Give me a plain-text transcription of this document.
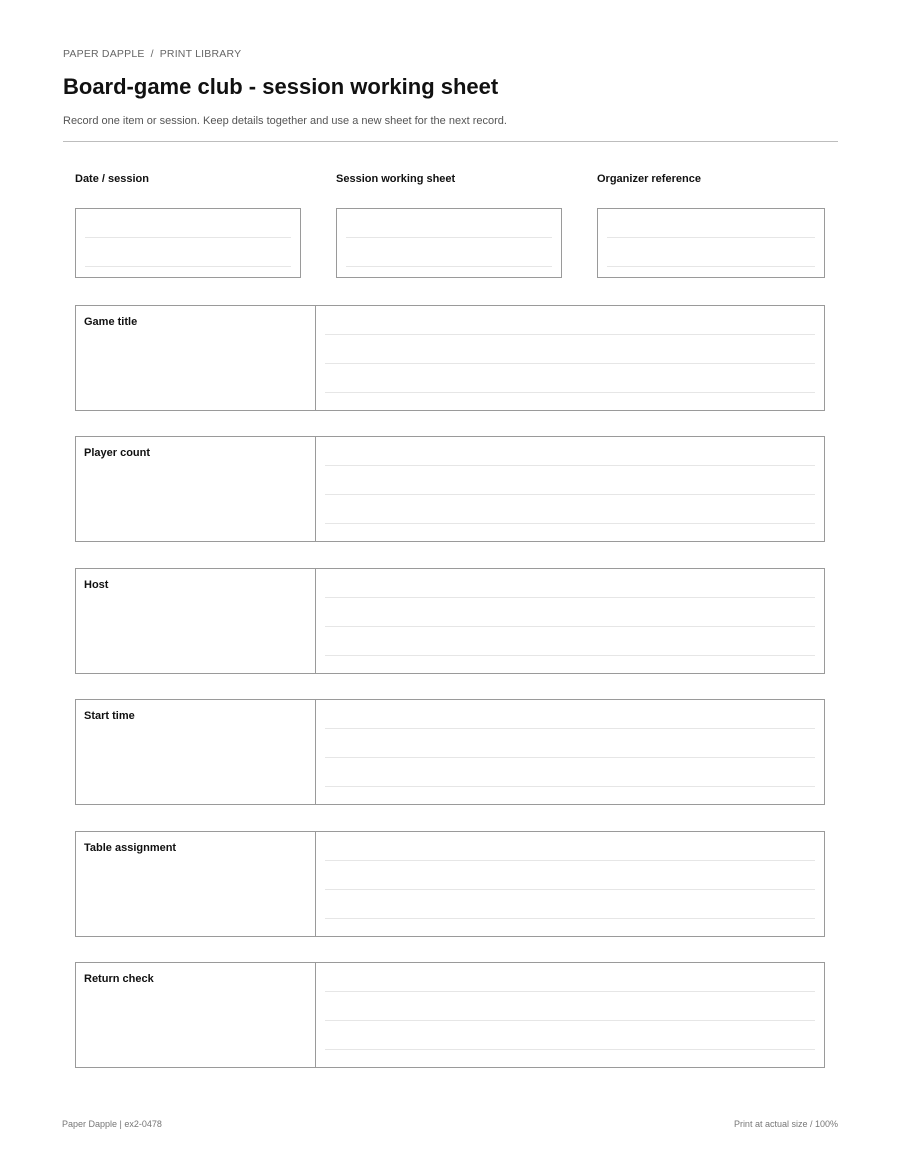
PAPER DAPPLE / PRINT LIBRARY
Board-game club - session working sheet
Record one item or session. Keep details together and use a new sheet for the next record.
Date / session	Session working sheet	Organizer reference
Game title
Player count
Host
Start time
Table assignment
Return check
Paper Dapple | ex2-0478	Print at actual size / 100%
